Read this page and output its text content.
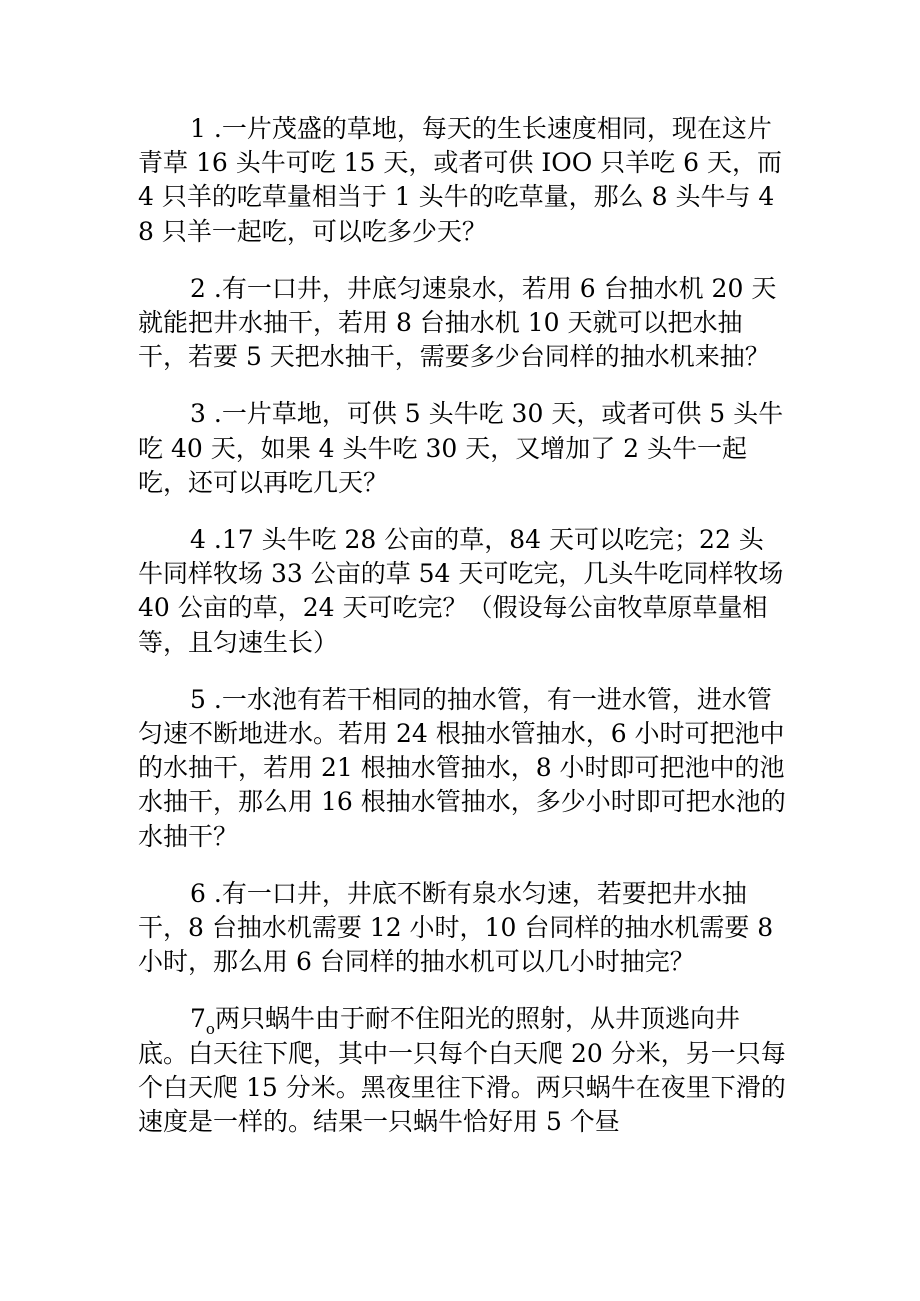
1 .一片茂盛的草地，每天的生长速度相同，现在这片青草 16 头牛可吃 15 天，或者可供 IOO 只羊吃 6 天，而 4 只羊的吃草量相当于 1 头牛的吃草量，那么 8 头牛与 48 只羊一起吃，可以吃多少天？

2 .有一口井，井底匀速泉水，若用 6 台抽水机 20 天就能把井水抽干，若用 8 台抽水机 10 天就可以把水抽干，若要 5 天把水抽干，需要多少台同样的抽水机来抽？

3 .一片草地，可供 5 头牛吃 30 天，或者可供 5 头牛吃 40 天，如果 4 头牛吃 30 天，又增加了 2 头牛一起吃，还可以再吃几天？

4 .17 头牛吃 28 公亩的草，84 天可以吃完；22 头牛同样牧场 33 公亩的草 54 天可吃完，几头牛吃同样牧场 40 公亩的草，24 天可吃完？（假设每公亩牧草原草量相等，且匀速生长）

5 .一水池有若干相同的抽水管，有一进水管，进水管匀速不断地进水。若用 24 根抽水管抽水，6 小时可把池中的水抽干，若用 21 根抽水管抽水，8 小时即可把池中的池水抽干，那么用 16 根抽水管抽水，多少小时即可把水池的水抽干？

6 .有一口井，井底不断有泉水匀速，若要把井水抽干，8 台抽水机需要 12 小时，10 台同样的抽水机需要 8 小时，那么用 6 台同样的抽水机可以几小时抽完？

$7_o$两只蜗牛由于耐不住阳光的照射，从井顶逃向井底。白天往下爬，其中一只每个白天爬 20 分米，另一只每个白天爬 15 分米。黑夜里往下滑。两只蜗牛在夜里下滑的速度是一样的。结果一只蜗牛恰好用 5 个昼
